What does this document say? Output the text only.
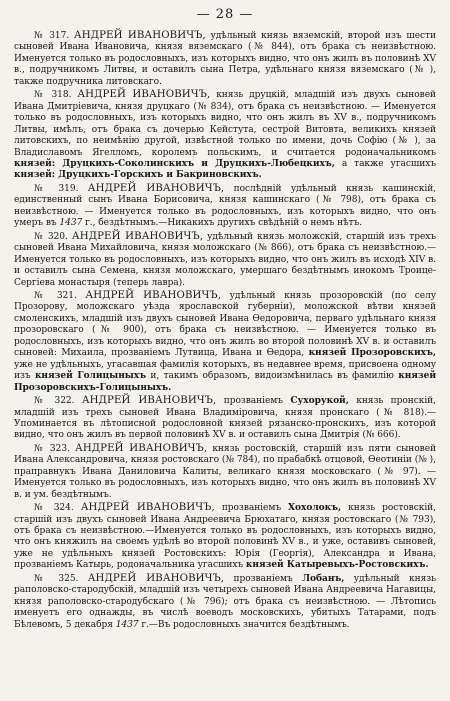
— 28 —

№ 317. АНДРЕЙ ИВАНОВИЧЪ, удѣльный князь вяземскій, второй изъ шести сыновей Ивана Ивановича, князя вяземскаго (№ 844), отъ брака съ неизвѣстною. Именуется только въ родословныхъ, изъ которыхъ видно, что онъ жилъ въ половинѣ XV в., подручникомъ Литвы, и оставилъ сына Петра, удѣльнаго князя вяземскаго (№ ), также подручника литовскаго.

№ 318. АНДРЕЙ ИВАНОВИЧЪ, князь друцкій, младшій изъ двухъ сыновей Ивана Дмитріевича, князя друцкаго (№ 834), отъ брака съ неизвѣстною. — Именуется только въ родословныхъ, изъ которыхъ видно, что онъ жилъ въ XV в., подручникомъ Литвы, имѣлъ, отъ брака съ дочерью Кейстута, сестрой Витовта, великихъ князей литовскихъ, по неимѣнію другой, извѣстной только по имени, дочь Софію (№ ), за Владиславомъ Ягелломъ, королемъ польскимъ, и считается родоначальникомъ князей: Друцкихъ-Соколинскихъ и Друцкихъ-Любецкихъ, а также угасшихъ князей: Друцкихъ-Горскихъ и Бакриновскихъ.

№ 319. АНДРЕЙ ИВАНОВИЧЪ, послѣдній удѣльный князь кашинскій, единственный сынъ Ивана Борисовича, князя кашинскаго (№ 798), отъ брака съ неизвѣстною. — Именуется только въ родословныхъ, изъ которыхъ видно, что онъ умеръ въ 1437 г., бездѣтнымъ.—Никакихъ другихъ свѣдѣній о немъ нѣтъ.

№ 320. АНДРЕЙ ИВАНОВИЧЪ, удѣльный князь моложскій, старшій изъ трехъ сыновей Ивана Михайловича, князя моложскаго (№ 866), отъ брака съ неизвѣстною.—Именуется только въ родословныхъ, изъ которыхъ видно, что онъ жилъ въ исходѣ XIV в. и оставилъ сына Семена, князя моложскаго, умершаго бездѣтнымъ инокомъ Троице-Сергіева монастыря (теперь лавра).

№ 321. АНДРЕЙ ИВАНОВИЧЪ, удѣльный князь прозоровскій (по селу Прозорову, моложскаго уѣзда ярославской губерніи), моложской вѣтви князей смоленскихъ, младшій изъ двухъ сыновей Ивана Ѳедоровича, перваго удѣльнаго князя прозоровскаго (№ 900), отъ брака съ неизвѣстною. — Именуется только въ родословныхъ, изъ которыхъ видно, что онъ жилъ во второй половинѣ XV в. и оставилъ сыновей: Михаила, прозваніемъ Лутвица, Ивана и Ѳедора, князей Прозоровскихъ, уже не удѣльныхъ, угасавшая фамилія которыхъ, въ недавнее время, присвоена одному изъ князей Голицыныхъ и, такимъ образомъ, видоизмѣнилась въ фамилію князей Прозоровскихъ-Голицыныхъ.

№ 322. АНДРЕЙ ИВАНОВИЧЪ, прозваніемъ Сухорукой, князь пронскій, младшій изъ трехъ сыновей Ивана Владиміровича, князя пронскаго (№ 818).—Упоминается въ лѣтописной родословной князей рязанско-пронскихъ, изъ которой видно, что онъ жилъ въ первой половинѣ XV в. и оставилъ сына Дмитрія (№ 666).

№ 323. АНДРЕЙ ИВАНОВИЧЪ, князь ростовскій, старшій изъ пяти сыновей Ивана Александровича, князя ростовскаго (№ 784), по прабабкѣ отцовой, Ѳеотиніи (№ ), праправнукъ Ивана Даниловича Калиты, великаго князя московскаго (№ 97). — Именуется только въ родословныхъ, изъ которыхъ видно, что онъ жилъ въ половинѣ XV в. и ум. бездѣтнымъ.

№ 324. АНДРЕЙ ИВАНОВИЧЪ, прозваніемъ Хохолокъ, князь ростовскій, старшій изъ двухъ сыновей Ивана Андреевича Брюхатаго, князя ростовскаго (№ 793), отъ брака съ неизвѣстною.—Именуется только въ родословныхъ, изъ которыхъ видно, что онъ княжилъ на своемъ удѣлѣ во второй половинѣ XV в., и уже, оставивъ сыновей, уже не удѣльныхъ князей Ростовскихъ: Юрія (Георгія), Александра и Ивана, прозваніемъ Катырь, родоначальника угасшихъ князей Катыревыхъ-Ростовскихъ.

№ 325. АНДРЕЙ ИВАНОВИЧЪ, прозваніемъ Лобанъ, удѣльный князь раполовско-стародубскій, младшій изъ четырехъ сыновей Ивана Андреевича Нагавицы, князя раполовско-стародубскаго (№ 796); отъ брака съ неизвѣстною. — Лѣтопись именуетъ его однажды, въ числѣ воеводъ московскихъ, убитыхъ Татарами, подъ Бѣлевомъ, 5 декабря 1437 г.—Въ родословныхъ значится бездѣтнымъ.
